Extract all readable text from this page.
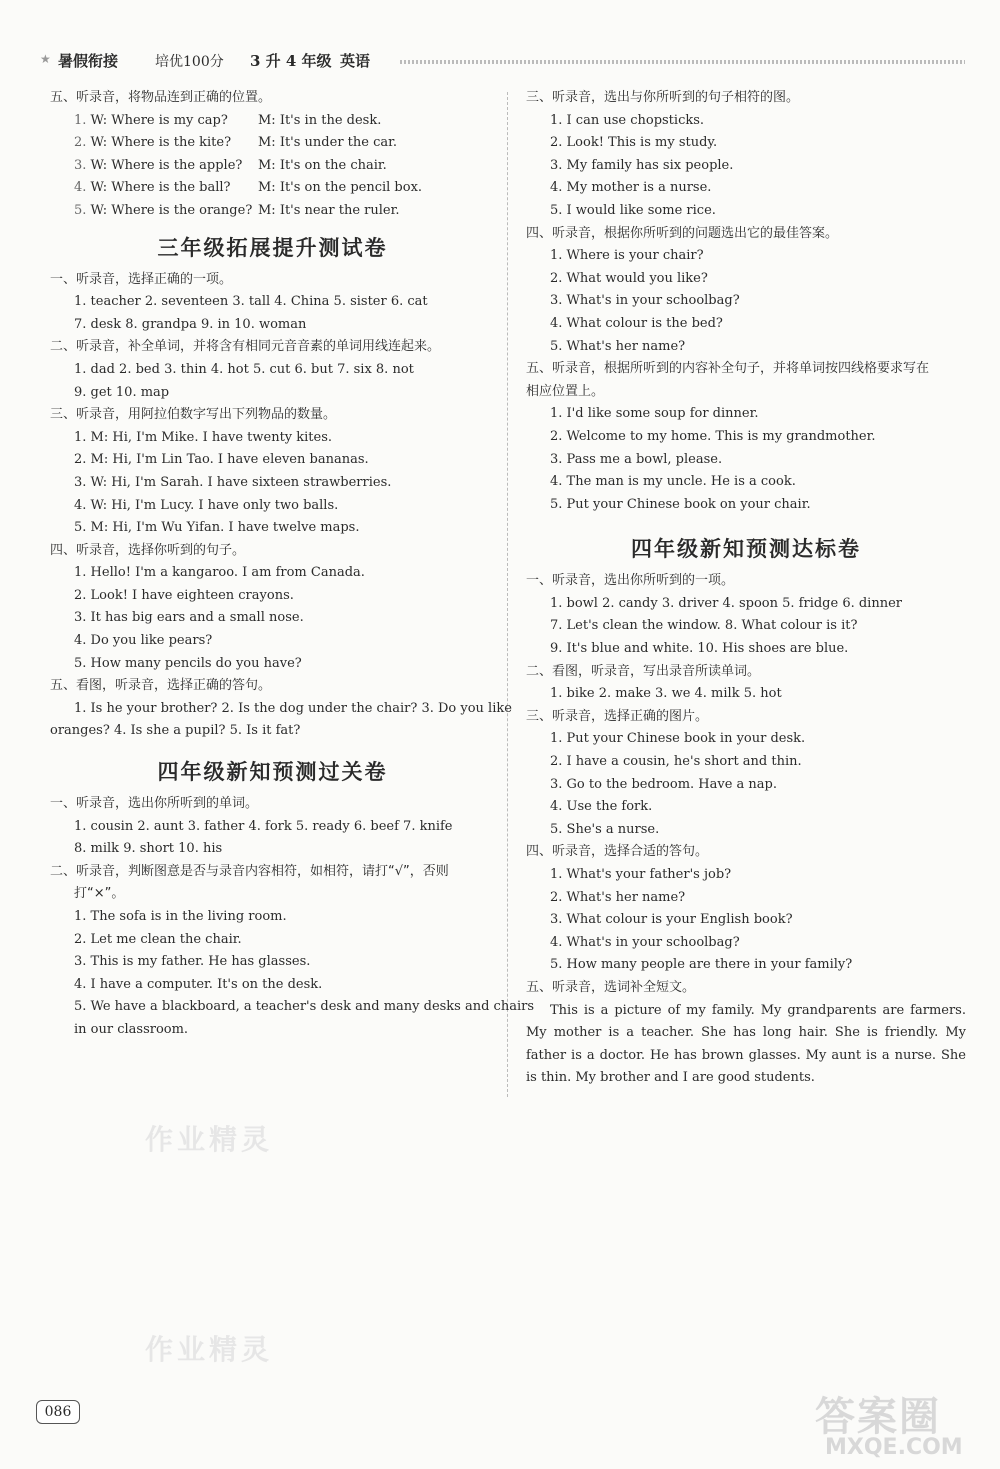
★ 暑假衔接	培优100分 3 升 4 年级 英语
五、听录音，将物品连到正确的位置。
1. W: Where is my cap?	M: It's in the desk.
2. W: Where is the kite?	M: It's under the car.
3. W: Where is the apple?	M: It's on the chair.
4. W: Where is the ball?	M: It's on the pencil box.
5. W: Where is the orange? M: It's near the ruler.
三年级拓展提升测试卷
一、听录音，选择正确的一项。
1. teacher 2. seventeen 3. tall 4. China 5. sister 6. cat
7. desk 8. grandpa 9. in 10. woman
二、听录音，补全单词，并将含有相同元音音素的单词用线连起来。
1. dad 2. bed 3. thin 4. hot 5. cut 6. but 7. six 8. not
9. get 10. map
三、听录音，用阿拉伯数字写出下列物品的数量。
1. M: Hi, I'm Mike. I have twenty kites.
2. M: Hi, I'm Lin Tao. I have eleven bananas.
3. W: Hi, I'm Sarah. I have sixteen strawberries.
4. W: Hi, I'm Lucy. I have only two balls.
5. M: Hi, I'm Wu Yifan. I have twelve maps.
四、听录音，选择你听到的句子。
1. Hello! I'm a kangaroo. I am from Canada.
2. Look! I have eighteen crayons.
3. It has big ears and a small nose.
4. Do you like pears?
5. How many pencils do you have?
五、看图，听录音，选择正确的答句。
1. Is he your brother? 2. Is the dog under the chair? 3. Do you like
oranges? 4. Is she a pupil? 5. Is it fat?
四年级新知预测过关卷
一、听录音，选出你所听到的单词。
1. cousin 2. aunt 3. father 4. fork 5. ready 6. beef 7. knife
8. milk 9. short 10. his
二、听录音，判断图意是否与录音内容相符，如相符，请打“√”，否则
打“×”。
1. The sofa is in the living room.
2. Let me clean the chair.
3. This is my father. He has glasses.
4. I have a computer. It's on the desk.
5. We have a blackboard, a teacher's desk and many desks and chairs
in our classroom.
三、听录音，选出与你所听到的句子相符的图。
1. I can use chopsticks.
2. Look! This is my study.
3. My family has six people.
4. My mother is a nurse.
5. I would like some rice.
四、听录音，根据你所听到的问题选出它的最佳答案。
1. Where is your chair?
2. What would you like?
3. What's in your schoolbag?
4. What colour is the bed?
5. What's her name?
五、听录音，根据所听到的内容补全句子，并将单词按四线格要求写在
相应位置上。
1. I'd like some soup for dinner.
2. Welcome to my home. This is my grandmother.
3. Pass me a bowl, please.
4. The man is my uncle. He is a cook.
5. Put your Chinese book on your chair.
四年级新知预测达标卷
一、听录音，选出你所听到的一项。
1. bowl 2. candy 3. driver 4. spoon 5. fridge 6. dinner
7. Let's clean the window. 8. What colour is it?
9. It's blue and white. 10. His shoes are blue.
二、看图，听录音，写出录音所读单词。
1. bike 2. make 3. we 4. milk 5. hot
三、听录音，选择正确的图片。
1. Put your Chinese book in your desk.
2. I have a cousin, he's short and thin.
3. Go to the bedroom. Have a nap.
4. Use the fork.
5. She's a nurse.
四、听录音，选择合适的答句。
1. What's your father's job?
2. What's her name?
3. What colour is your English book?
4. What's in your schoolbag?
5. How many people are there in your family?
五、听录音，选词补全短文。
This is a picture of my family. My grandparents are farmers. My mother is a teacher. She has long hair. She is friendly. My father is a doctor. He has brown glasses. My aunt is a nurse. She is thin. My brother and I are good students.
作业精灵
作业精灵
086	答案圈
MXQE.COM
